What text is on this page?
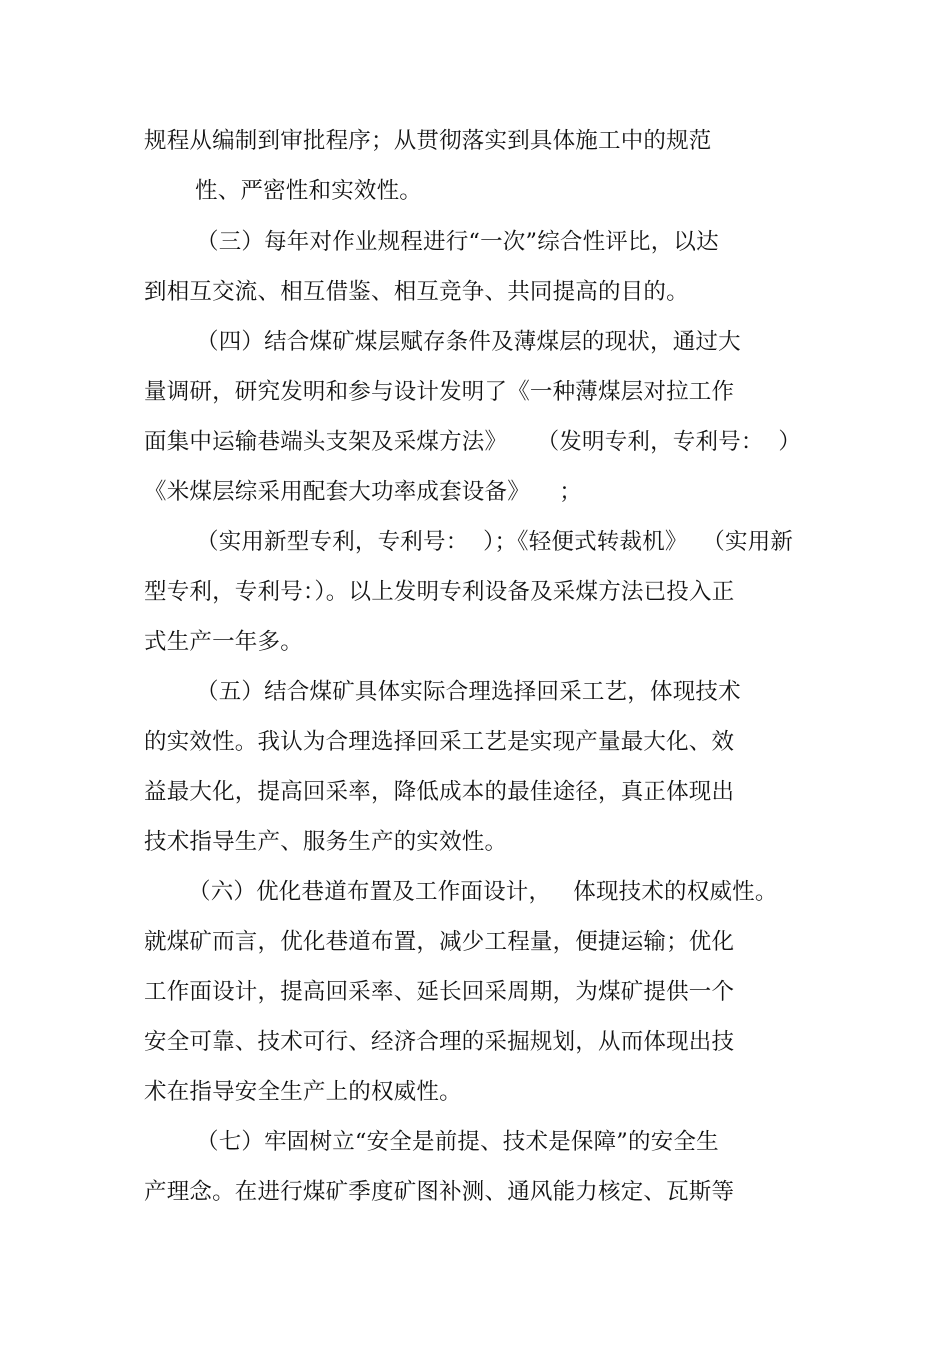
规程从编制到审批程序；从贯彻落实到具体施工中的规范
性、严密性和实效性。
（三）每年对作业规程进行“一次”综合性评比，以达
到相互交流、相互借鉴、相互竞争、共同提高的目的。
（四）结合煤矿煤层赋存条件及薄煤层的现状，通过大
量调研，研究发明和参与设计发明了《一种薄煤层对拉工作
面集中运输巷端头支架及采煤方法》    （发明专利，专利号：  ）
《米煤层综采用配套大功率成套设备》    ；
（实用新型专利，专利号：  ）；《轻便式转裁机》  （实用新
型专利，专利号：）。以上发明专利设备及采煤方法已投入正
式生产一年多。
（五）结合煤矿具体实际合理选择回采工艺，体现技术
的实效性。我认为合理选择回采工艺是实现产量最大化、效
益最大化，提高回采率，降低成本的最佳途径，真正体现出
技术指导生产、服务生产的实效性。
（六）优化巷道布置及工作面设计，   体现技术的权威性。
就煤矿而言，优化巷道布置，减少工程量，便捷运输；优化
工作面设计，提高回采率、延长回采周期，为煤矿提供一个
安全可靠、技术可行、经济合理的采掘规划，从而体现出技
术在指导安全生产上的权威性。
（七）牢固树立“安全是前提、技术是保障”的安全生
产理念。在进行煤矿季度矿图补测、通风能力核定、瓦斯等
